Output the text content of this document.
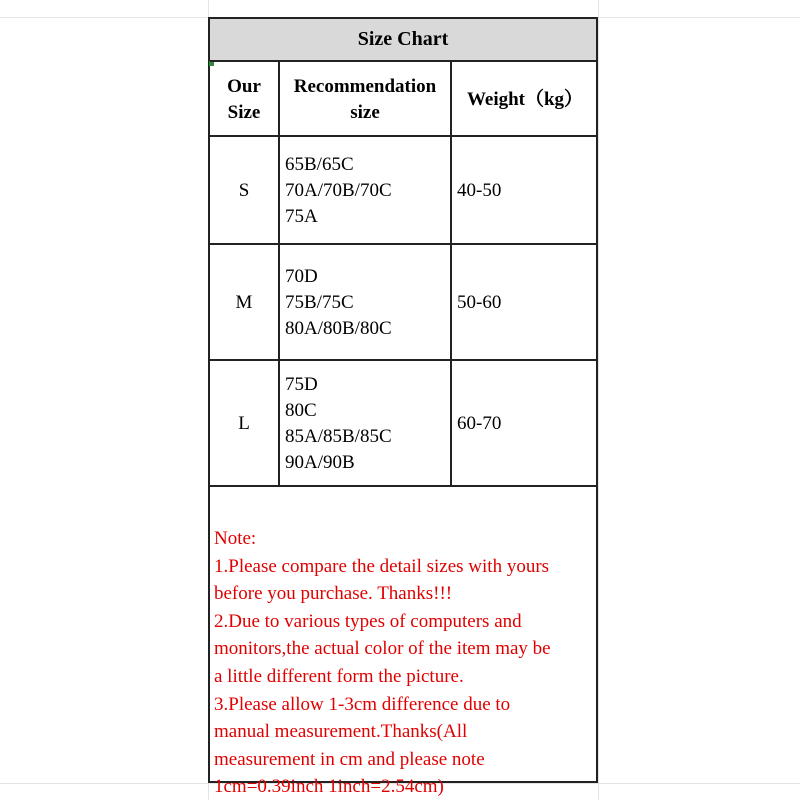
Size Chart
Our
Size
Recommendation
size
Weight（kg）
S
65B/65C
70A/70B/70C
75A
40-50
M
70D
75B/75C
80A/80B/80C
50-60
L
75D
80C
85A/85B/85C
90A/90B
60-70
Note:
1.Please compare the detail sizes with yours
before you purchase. Thanks!!!
2.Due to various types of computers and
monitors,the actual color of the item may be
a little different form the picture.
3.Please allow 1-3cm difference due to
manual measurement.Thanks(All
measurement in cm and please note
1cm=0.39inch 1inch=2.54cm)
